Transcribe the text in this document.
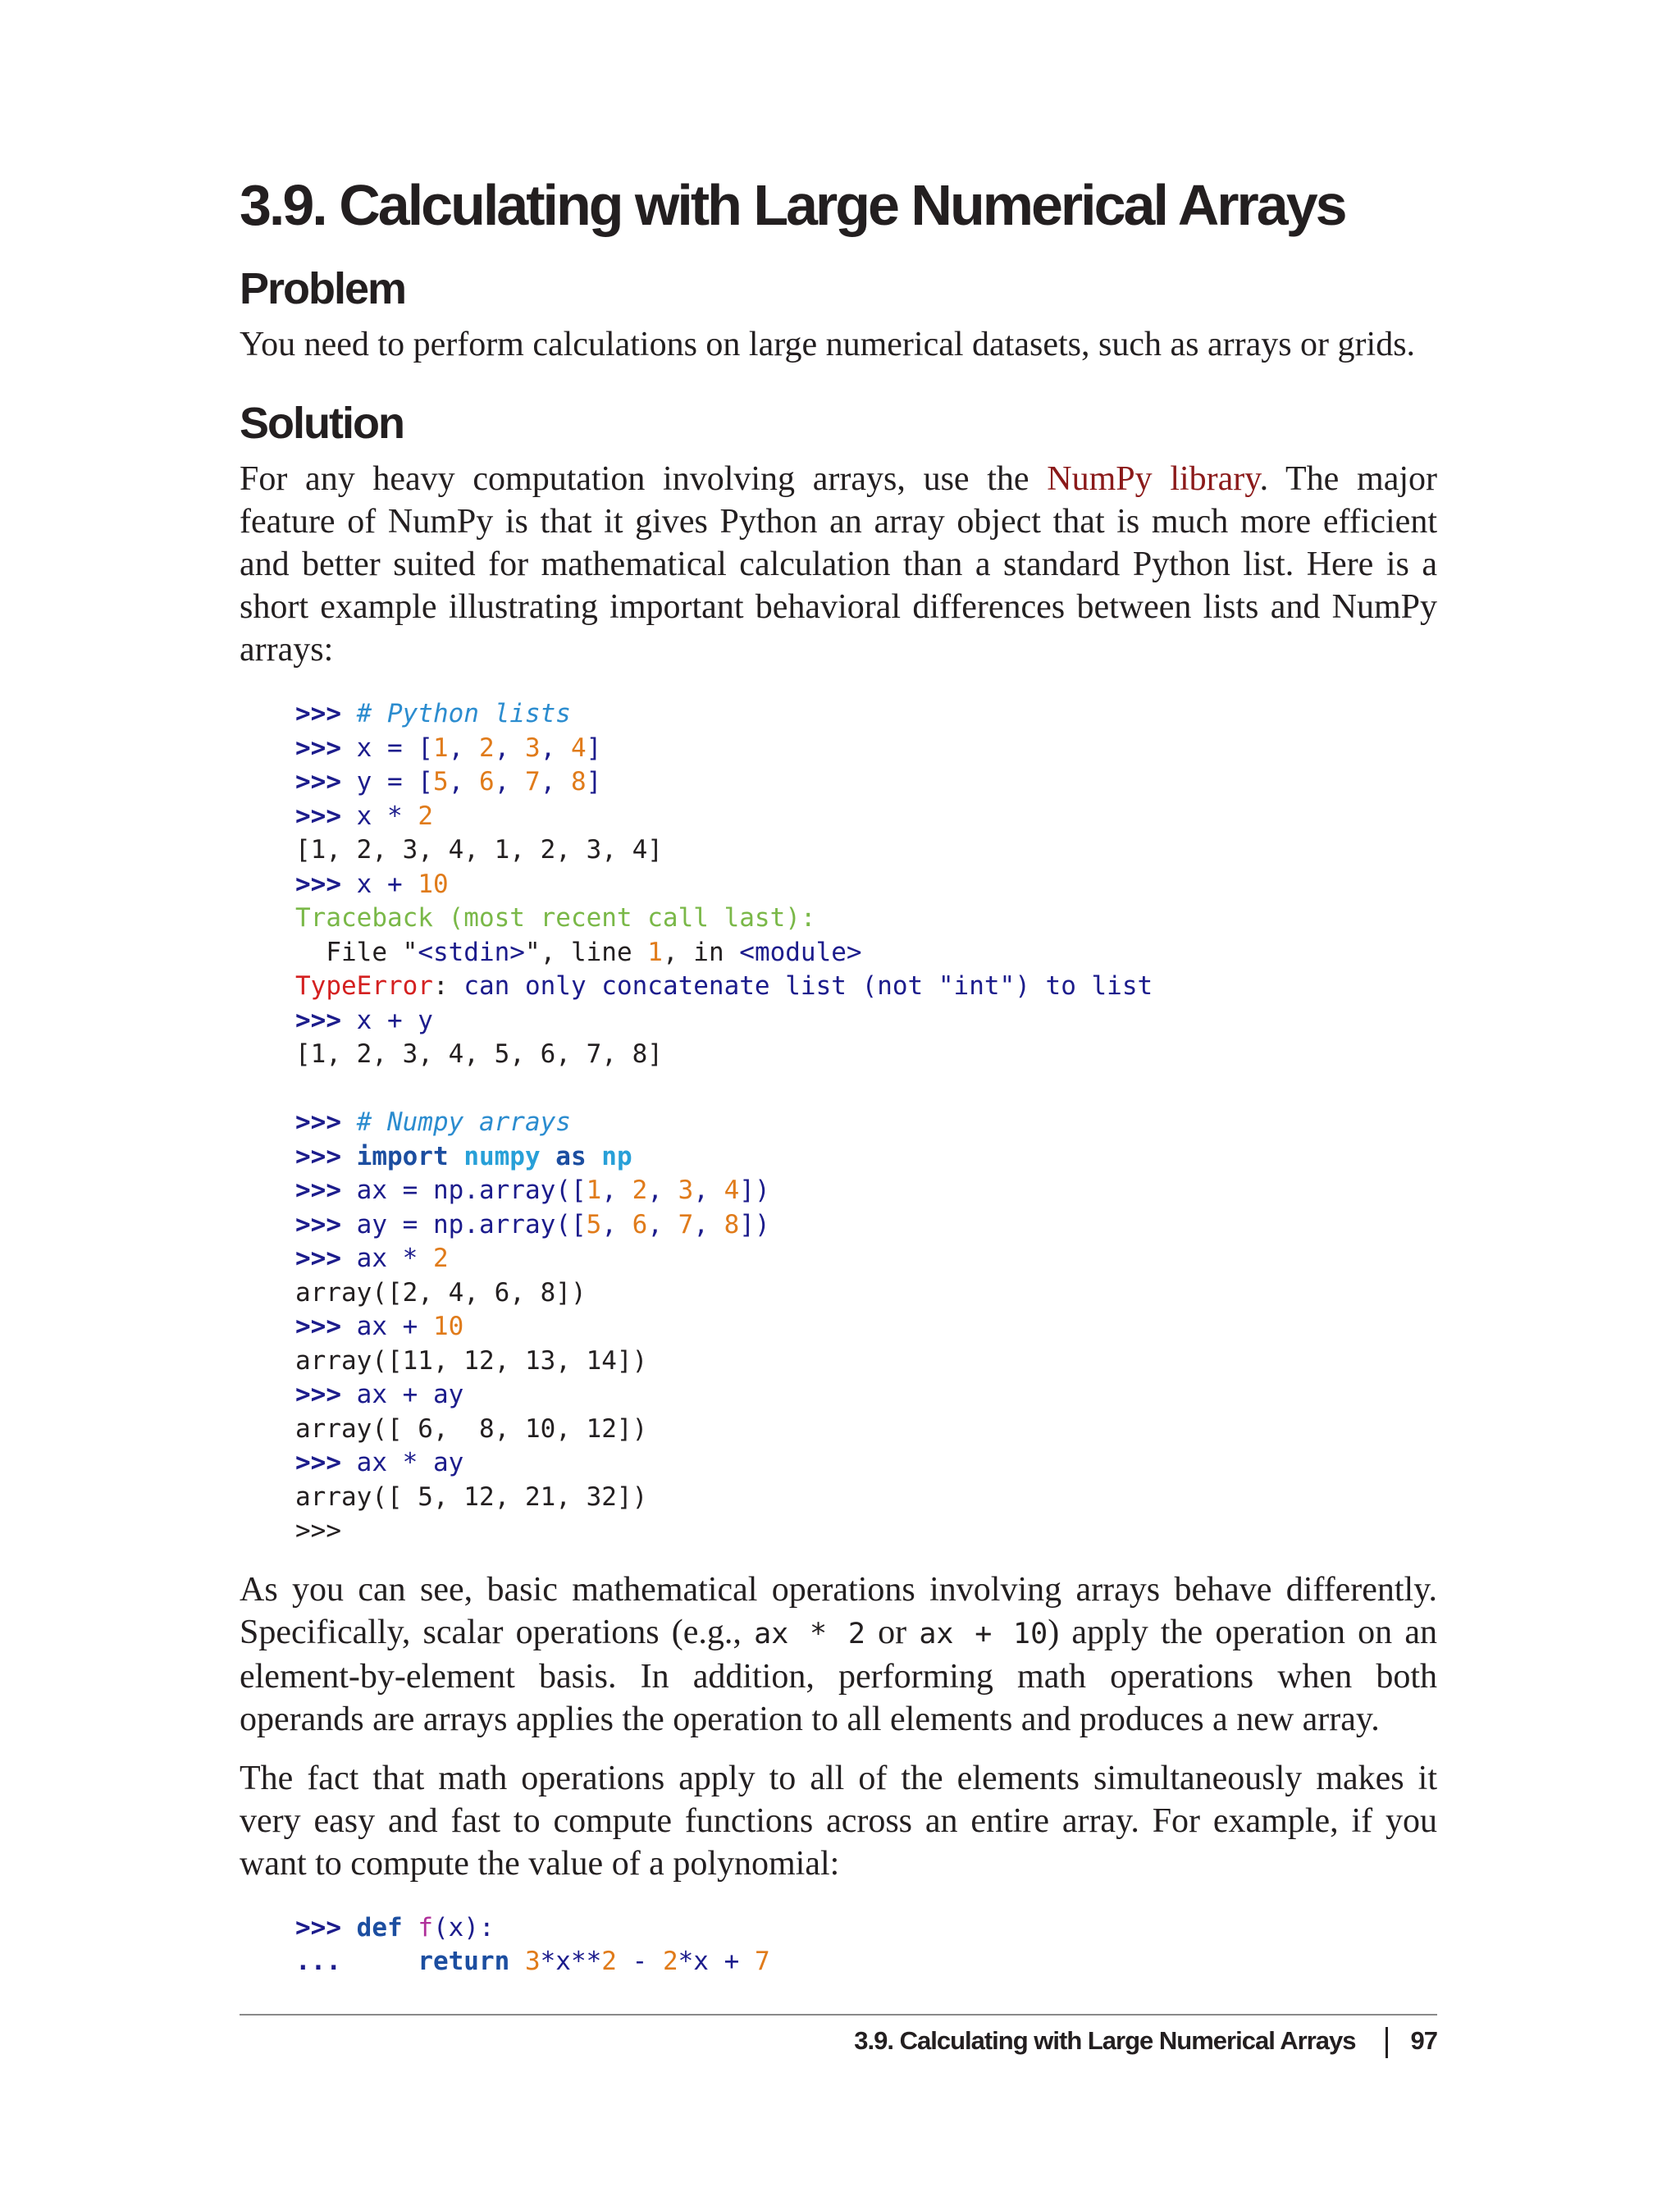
3.9. Calculating with Large Numerical Arrays
Problem

You need to perform calculations on large numerical datasets, such as arrays or grids.

Solution

For any heavy computation involving arrays, use the NumPy library. The major feature of NumPy is that it gives Python an array object that is much more efficient and better suited for mathematical calculation than a standard Python list. Here is a short example illustrating important behavioral differences between lists and NumPy arrays:

>>> # Python lists
>>> x = [1, 2, 3, 4]
>>> y = [5, 6, 7, 8]
>>> x * 2
[1, 2, 3, 4, 1, 2, 3, 4]
>>> x + 10
Traceback (most recent call last):
File "<stdin>", line 1, in <module>
TypeError: can only concatenate list (not "int") to list
>>> x + y
[1, 2, 3, 4, 5, 6, 7, 8]
>>> # Numpy arrays
>>> import numpy as np
>>> ax = np.array([1, 2, 3, 4])
>>> ay = np.array([5, 6, 7, 8])
>>> ax * 2
array([2, 4, 6, 8])
>>> ax + 10
array([11, 12, 13, 14])
>>> ax + ay
array([ 6,  8, 10, 12])
>>> ax * ay
array([ 5, 12, 21, 32])
>>>

As you can see, basic mathematical operations involving arrays behave differently. Specifically, scalar operations (e.g., ax * 2 or ax + 10) apply the operation on an element-by-element basis. In addition, performing math operations when both operands are arrays applies the operation to all elements and produces a new array.

The fact that math operations apply to all of the elements simultaneously makes it very easy and fast to compute functions across an entire array. For example, if you want to compute the value of a polynomial:

>>> def f(x):
...     return 3*x**2 - 2*x + 7
3.9. Calculating with Large Numerical Arrays 97
